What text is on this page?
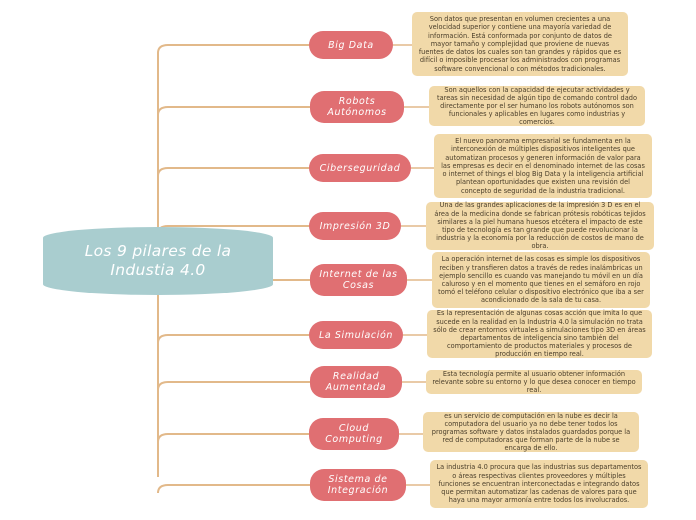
Los 9 pilares de la Industia 4.0
Big Data
Son datos que presentan en volumen crecientes a una velocidad superior y contiene una mayoría variedad de información. Está conformada por conjunto de datos de mayor tamaño y complejidad que proviene de nuevas fuentes de datos los cuales son tan grandes y rápidos que es difícil o imposible procesar los administrados con programas software convencional o con métodos tradicionales.
Robots Autónomos
Son aquellos con la capacidad de ejecutar actividades y tareas sin necesidad de algún tipo de comando control dado directamente por el ser humano los robots autónomos son funcionales y aplicables en lugares como industrias y comercios.
Ciberseguridad
El nuevo panorama empresarial se fundamenta en la interconexión de múltiples dispositivos inteligentes que automatizan procesos y generen información de valor para las empresas es decir en el denominado internet de las cosas o internet of things el blog Big Data y la inteligencia artificial plantean oportunidades que existen una revisión del concepto de seguridad de la industria tradicional.
Impresión 3D
Una de las grandes aplicaciones de la impresión 3 D es en el área de la medicina donde se fabrican prótesis robóticas tejidos similares a la piel humana huesos etcétera el impacto de este tipo de tecnología es tan grande que puede revolucionar la industria y la economía por la reducción de costos de mano de obra.
Internet de las Cosas
La operación internet de las cosas es simple los dispositivos reciben y transfieren datos a través de redes inalámbricas un ejemplo sencillo es cuando vas manejando tu móvil en un día caluroso y en el momento que tienes en el semáforo en rojo tomó el teléfono celular o dispositivo electrónico que iba a ser acondicionado de la sala de tu casa.
La Simulación
Es la representación de algunas cosas acción que imita lo que sucede en la realidad en la Industria 4.0 la simulación no trata sólo de crear entornos virtuales a simulaciones tipo 3D en áreas departamentos de inteligencia sino también del comportamiento de productos materiales y procesos de producción en tiempo real.
Realidad Aumentada
Esta tecnología permite al usuario obtener información relevante sobre su entorno y lo que desea conocer en tiempo real.
Cloud Computing
es un servicio de computación en la nube es decir la computadora del usuario ya no debe tener todos los programas software y datos instalados guardados porque la red de computadoras que forman parte de la nube se encarga de ello.
Sistema de Integración
La industria 4.0 procura que las industrias sus departamentos o áreas respectivas clientes proveedores y múltiples funciones se encuentran interconectadas e integrando datos que permitan automatizar las cadenas de valores para que haya una mayor armonía entre todos los involucrados.
